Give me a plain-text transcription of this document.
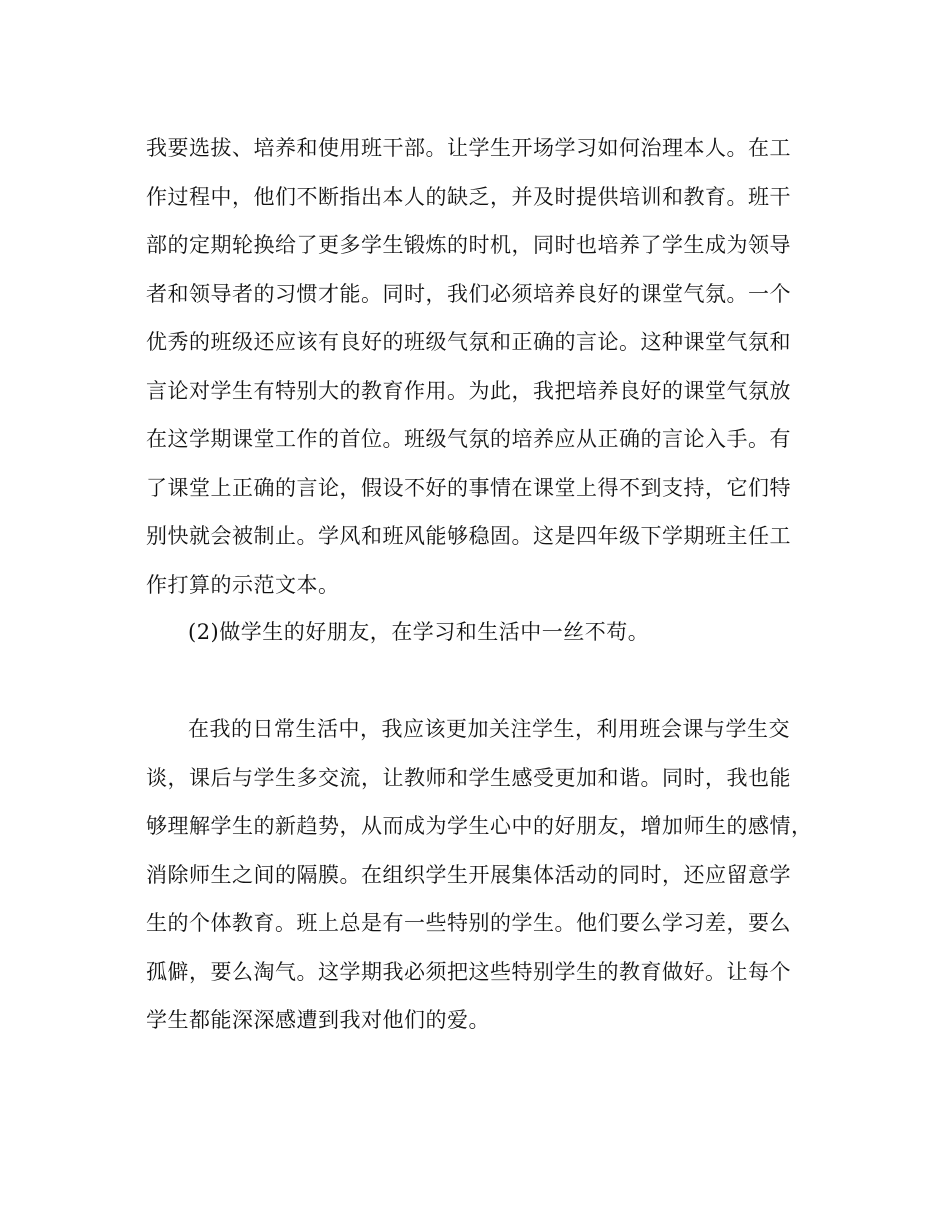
我要选拔、培养和使用班干部。让学生开场学习如何治理本人。在工
作过程中，他们不断指出本人的缺乏，并及时提供培训和教育。班干
部的定期轮换给了更多学生锻炼的时机，同时也培养了学生成为领导
者和领导者的习惯才能。同时，我们必须培养良好的课堂气氛。一个
优秀的班级还应该有良好的班级气氛和正确的言论。这种课堂气氛和
言论对学生有特别大的教育作用。为此，我把培养良好的课堂气氛放
在这学期课堂工作的首位。班级气氛的培养应从正确的言论入手。有
了课堂上正确的言论，假设不好的事情在课堂上得不到支持，它们特
别快就会被制止。学风和班风能够稳固。这是四年级下学期班主任工
作打算的示范文本。
(2)做学生的好朋友，在学习和生活中一丝不苟。
在我的日常生活中，我应该更加关注学生，利用班会课与学生交
谈，课后与学生多交流，让教师和学生感受更加和谐。同时，我也能
够理解学生的新趋势，从而成为学生心中的好朋友，增加师生的感情，
消除师生之间的隔膜。在组织学生开展集体活动的同时，还应留意学
生的个体教育。班上总是有一些特别的学生。他们要么学习差，要么
孤僻，要么淘气。这学期我必须把这些特别学生的教育做好。让每个
学生都能深深感遭到我对他们的爱。
